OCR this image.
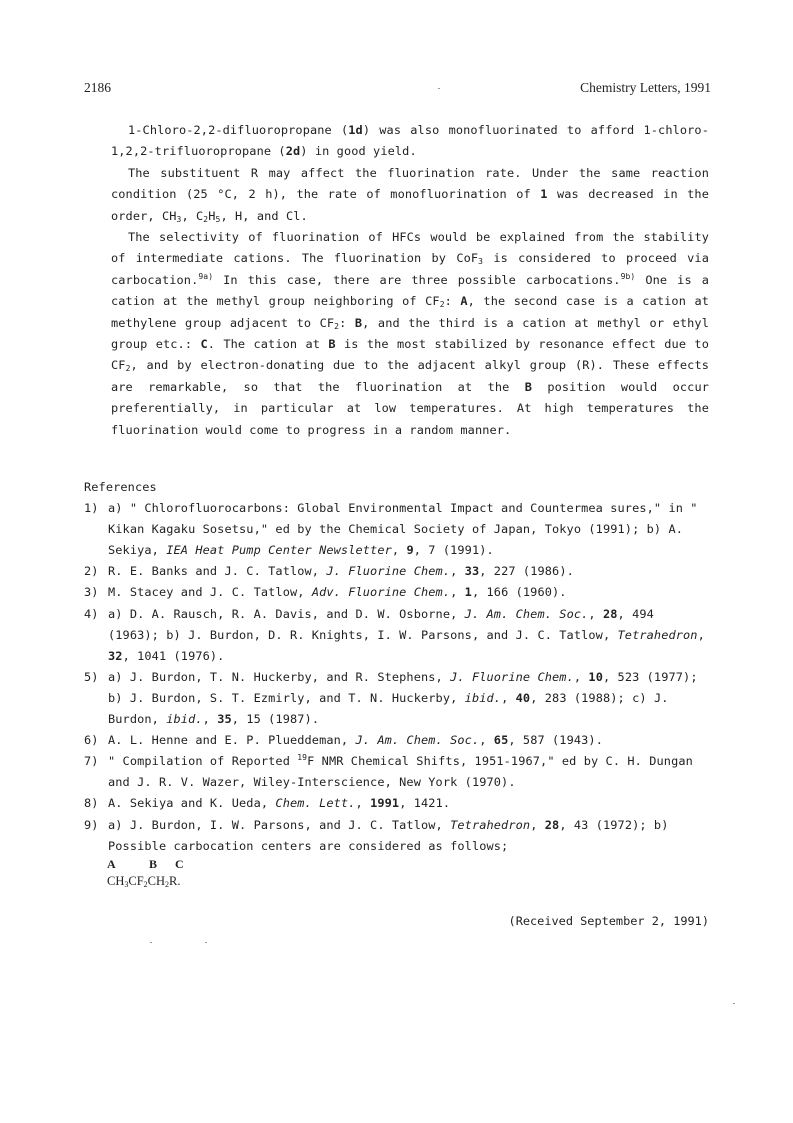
2186	Chemistry Letters, 1991

1-Chloro-2,2-difluoropropane (1d) was also monofluorinated to afford 1-chloro-1,2,2-trifluoropropane (2d) in good yield.

The substituent R may affect the fluorination rate. Under the same reaction condition (25 °C, 2 h), the rate of monofluorination of 1 was decreased in the order, $CH_3$, $C_2H_5$, H, and Cl.

The selectivity of fluorination of HFCs would be explained from the stability of intermediate cations. The fluorination by CoF$_3$ is considered to proceed via carbocation.$^{9a)}$ In this case, there are three possible carbocations.$^{9b)}$ One is a cation at the methyl group neighboring of $CF_2$: A, the second case is a cation at methylene group adjacent to $CF_2$: B, and the third is a cation at methyl or ethyl group etc.: C. The cation at B is the most stabilized by resonance effect due to $CF_2$, and by electron-donating due to the adjacent alkyl group (R). These effects are remarkable, so that the fluorination at the B position would occur preferentially, in particular at low temperatures. At high temperatures the fluorination would come to progress in a random manner.

References
1) a) " Chlorofluorocarbons: Global Environmental Impact and Countermea sures," in " Kikan Kagaku Sosetsu," ed by the Chemical Society of Japan, Tokyo (1991); b) A. Sekiya, IEA Heat Pump Center Newsletter, 9, 7 (1991).
2) R. E. Banks and J. C. Tatlow, J. Fluorine Chem., 33, 227 (1986).
3) M. Stacey and J. C. Tatlow, Adv. Fluorine Chem., 1, 166 (1960).
4) a) D. A. Rausch, R. A. Davis, and D. W. Osborne, J. Am. Chem. Soc., 28, 494 (1963); b) J. Burdon, D. R. Knights, I. W. Parsons, and J. C. Tatlow, Tetrahedron, 32, 1041 (1976).
5) a) J. Burdon, T. N. Huckerby, and R. Stephens, J. Fluorine Chem., 10, 523 (1977); b) J. Burdon, S. T. Ezmirly, and T. N. Huckerby, ibid., 40, 283 (1988); c) J. Burdon, ibid., 35, 15 (1987).
6) A. L. Henne and E. P. Plueddeman, J. Am. Chem. Soc., 65, 587 (1943).
7) " Compilation of Reported $^{19}$F NMR Chemical Shifts, 1951-1967," ed by C. H. Dungan and J. R. V. Wazer, Wiley-Interscience, New York (1970).
8) A. Sekiya and K. Ueda, Chem. Lett., 1991, 1421.
9) a) J. Burdon, I. W. Parsons, and J. C. Tatlow, Tetrahedron, 28, 43 (1972); b) Possible carbocation centers are considered as follows;
A	B C
$CH_3CF_2CH_2R$.
(Received September 2, 1991)
